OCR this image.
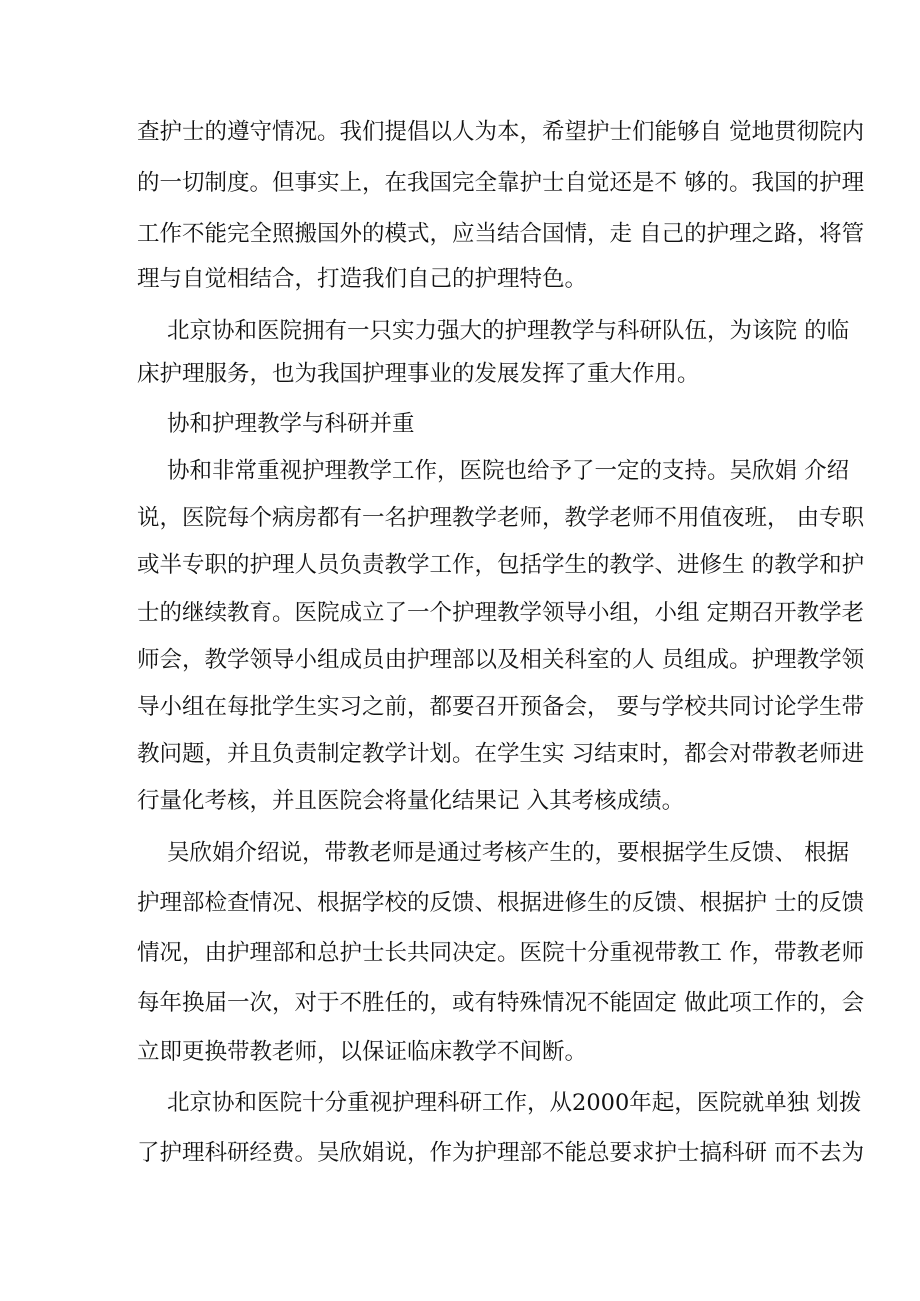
查护士的遵守情况。我们提倡以人为本，希望护士们能够自 觉地贯彻院内
的一切制度。但事实上，在我国完全靠护士自觉还是不 够的。我国的护理
工作不能完全照搬国外的模式，应当结合国情，走 自己的护理之路，将管
理与自觉相结合，打造我们自己的护理特色。
北京协和医院拥有一只实力强大的护理教学与科研队伍，为该院 的临
床护理服务，也为我国护理事业的发展发挥了重大作用。
协和护理教学与科研并重
协和非常重视护理教学工作，医院也给予了一定的支持。吴欣娟 介绍
说，医院每个病房都有一名护理教学老师，教学老师不用值夜班， 由专职
或半专职的护理人员负责教学工作，包括学生的教学、进修生 的教学和护
士的继续教育。医院成立了一个护理教学领导小组，小组 定期召开教学老
师会，教学领导小组成员由护理部以及相关科室的人 员组成。护理教学领
导小组在每批学生实习之前，都要召开预备会， 要与学校共同讨论学生带
教问题，并且负责制定教学计划。在学生实 习结束时，都会对带教老师进
行量化考核，并且医院会将量化结果记 入其考核成绩。
吴欣娟介绍说，带教老师是通过考核产生的，要根据学生反馈、 根据
护理部检查情况、根据学校的反馈、根据进修生的反馈、根据护 士的反馈
情况，由护理部和总护士长共同决定。医院十分重视带教工 作，带教老师
每年换届一次，对于不胜任的，或有特殊情况不能固定 做此项工作的，会
立即更换带教老师，以保证临床教学不间断。
北京协和医院十分重视护理科研工作，从2000年起，医院就单独 划拨
了护理科研经费。吴欣娟说，作为护理部不能总要求护士搞科研 而不去为
